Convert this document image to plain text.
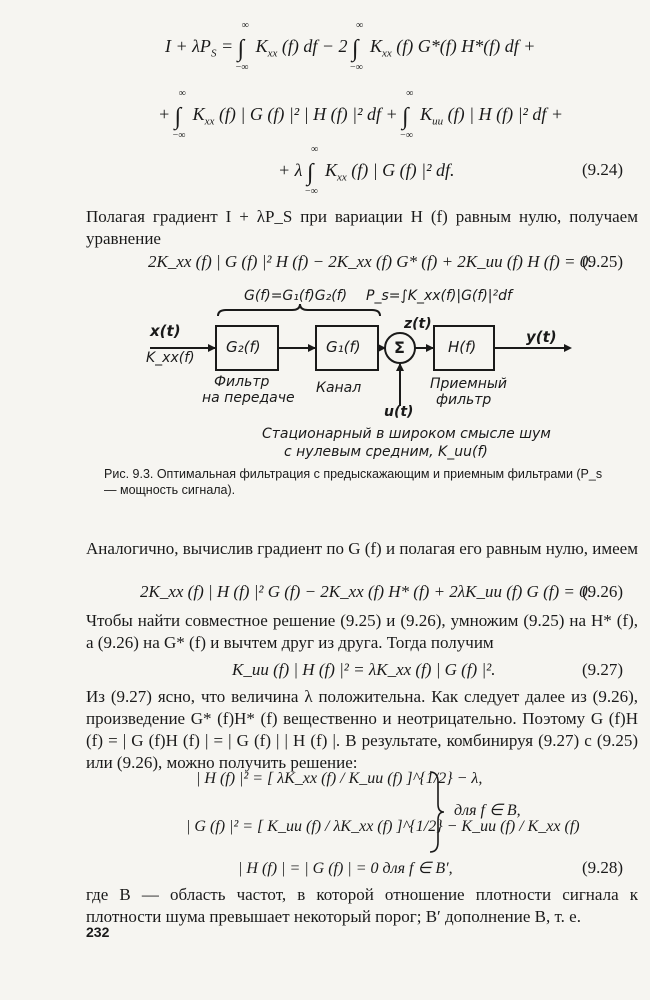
$I + \lambda P_S$ =
∞
∫
−∞
$K_{xx}$ (f) df − 2
∞
∫
−∞
$K_{xx}$ (f) G*(f) H*(f) df +
+
∞
∫
−∞
$K_{xx}$ (f) | G (f) |² | H (f) |² df +
∞
∫
−∞
$K_{uu}$ (f) | H (f) |² df +
+ λ
∞
∫
−∞
$K_{xx}$ (f) | G (f) |² df.	(9.24)
Полагая градиент I + λP_S при вариации H (f) равным нулю, получаем уравнение
2K_xx (f) | G (f) |² H (f) − 2K_xx (f) G* (f) + 2K_uu (f) H (f) = 0.
(9.25)
G(f)=G₁(f)G₂(f) P_s=∫K_xx(f)|G(f)|²df
x(t)
K_xx(f)
G₂(f)	G₁(f) Σ
z(t)
H(f)
y(t)
Фильтр
на передаче
Канал	Приемный
фильтр
u(t)
Стационарный в широком смысле шум
с нулевым средним, K_uu(f)
Рис. 9.3. Оптимальная фильтрация с предыскажающим и приемным фильтрами (P_s — мощность сигнала).
Аналогично, вычислив градиент по G (f) и полагая его равным нулю, имеем
2K_xx (f) | H (f) |² G (f) − 2K_xx (f) H* (f) + 2λK_uu (f) G (f) = 0.
(9.26)
Чтобы найти совместное решение (9.25) и (9.26), умножим (9.25) на H* (f), а (9.26) на G* (f) и вычтем друг из друга. Тогда получим
K_uu (f) | H (f) |² = λK_xx (f) | G (f) |².	(9.27)
Из (9.27) ясно, что величина λ положительна. Как следует далее из (9.26), произведение G* (f)H* (f) вещественно и неотрицательно. Поэтому G (f)H (f) = | G (f)H (f) | = | G (f) | | H (f) |. В результате, комбинируя (9.27) с (9.25) или (9.26), можно получить решение:
| H (f) |² = [ λK_xx (f) / K_uu (f) ]^{1/2} − λ,
| G (f) |² = [ K_uu (f) / λK_xx (f) ]^{1/2} − K_uu (f) / K_xx (f)
для f ∈ B,
| H (f) | = | G (f) | = 0 для f ∈ B′,	(9.28)
где B — область частот, в которой отношение плотности сигнала к плотности шума превышает некоторый порог; B′ дополнение B, т. е.
232
